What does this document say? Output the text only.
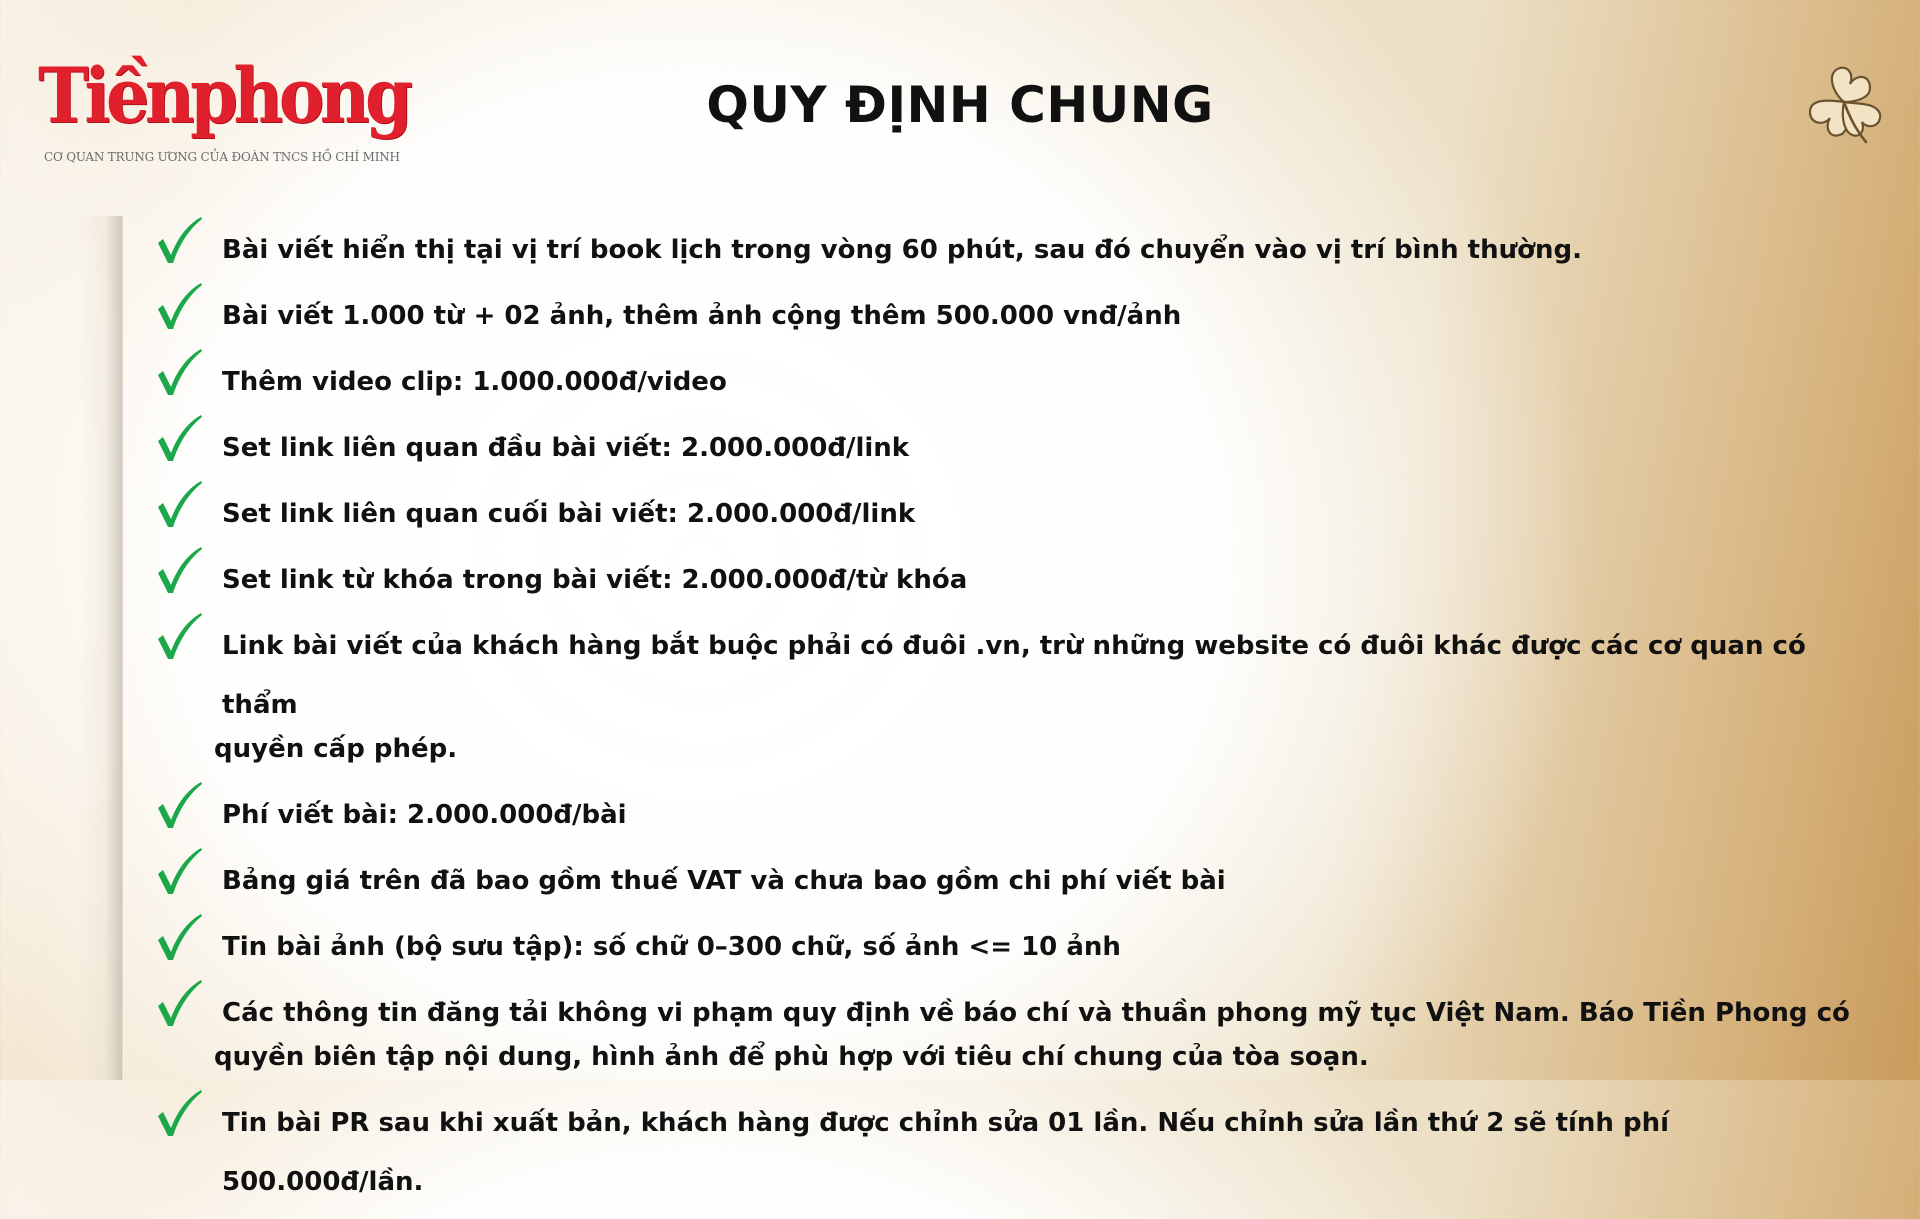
Tiềnphong
CƠ QUAN TRUNG ƯƠNG CỦA ĐOÀN TNCS HỒ CHÍ MINH
QUY ĐỊNH CHUNG
Bài viết hiển thị tại vị trí book lịch trong vòng 60 phút, sau đó chuyển vào vị trí bình thường.
Bài viết 1.000 từ + 02 ảnh, thêm ảnh cộng thêm 500.000 vnđ/ảnh
Thêm video clip: 1.000.000đ/video
Set link liên quan đầu bài viết: 2.000.000đ/link
Set link liên quan cuối bài viết: 2.000.000đ/link
Set link từ khóa trong bài viết: 2.000.000đ/từ khóa
Link bài viết của khách hàng bắt buộc phải có đuôi .vn, trừ những website có đuôi khác được các cơ quan có thẩm
quyền cấp phép.
Phí viết bài: 2.000.000đ/bài
Bảng giá trên đã bao gồm thuế VAT và chưa bao gồm chi phí viết bài
Tin bài ảnh (bộ sưu tập): số chữ 0–300 chữ, số ảnh <= 10 ảnh
Các thông tin đăng tải không vi phạm quy định về báo chí và thuần phong mỹ tục Việt Nam. Báo Tiền Phong có
quyền biên tập nội dung, hình ảnh để phù hợp với tiêu chí chung của tòa soạn.
Tin bài PR sau khi xuất bản, khách hàng được chỉnh sửa 01 lần. Nếu chỉnh sửa lần thứ 2 sẽ tính phí 500.000đ/lần.
